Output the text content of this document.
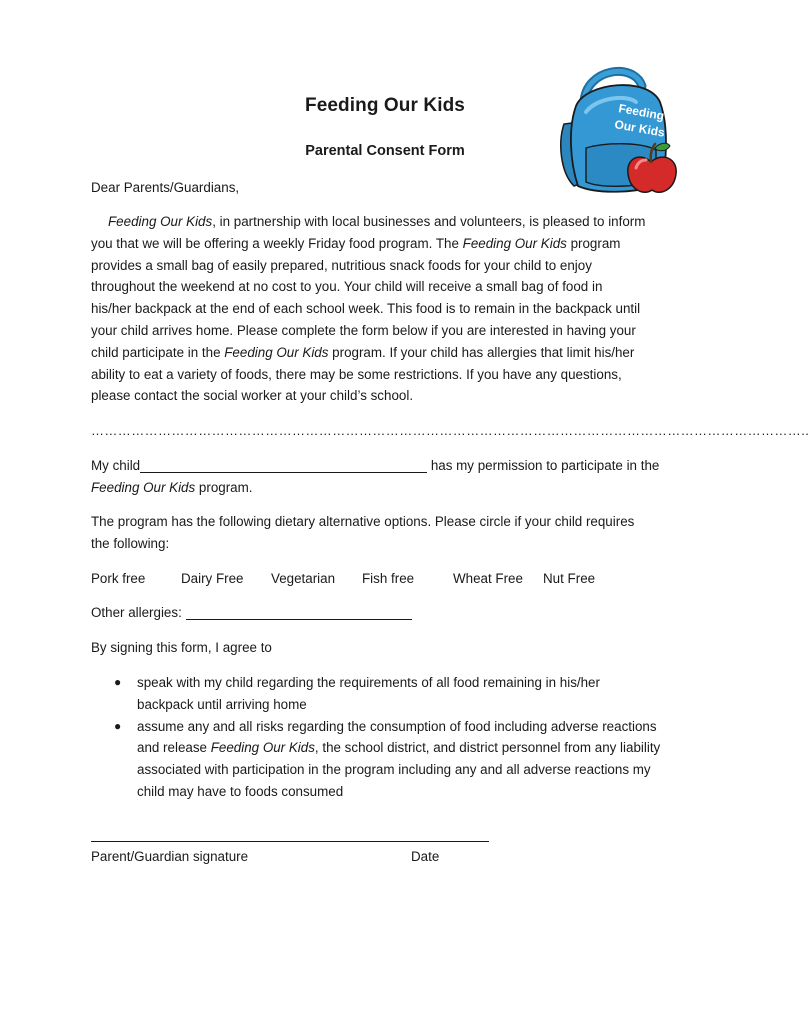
Feeding
Our Kids
Feeding Our Kids
Parental Consent Form
Dear Parents/Guardians,
Feeding Our Kids, in partnership with local businesses and volunteers, is pleased to inform
you that we will be offering a weekly Friday food program. The Feeding Our Kids program
provides a small bag of easily prepared, nutritious snack foods for your child to enjoy
throughout the weekend at no cost to you. Your child will receive a small bag of food in
his/her backpack at the end of each school week. This food is to remain in the backpack until
your child arrives home. Please complete the form below if you are interested in having your
child participate in the Feeding Our Kids program. If your child has allergies that limit his/her
ability to eat a variety of foods, there may be some restrictions. If you have any questions,
please contact the social worker at your child’s school.
……………………………………………………………………………………………………………………………………………..
My child	has my permission to participate in the
Feeding Our Kids program.
The program has the following dietary alternative options. Please circle if your child requires
the following:
Pork free	Dairy Free Vegetarian Fish free	Wheat Free Nut Free
Other allergies:
By signing this form, I agree to
● speak with my child regarding the requirements of all food remaining in his/her
backpack until arriving home
● assume any and all risks regarding the consumption of food including adverse reactions
and release Feeding Our Kids, the school district, and district personnel from any liability
associated with participation in the program including any and all adverse reactions my
child may have to foods consumed
Parent/Guardian signature	Date
